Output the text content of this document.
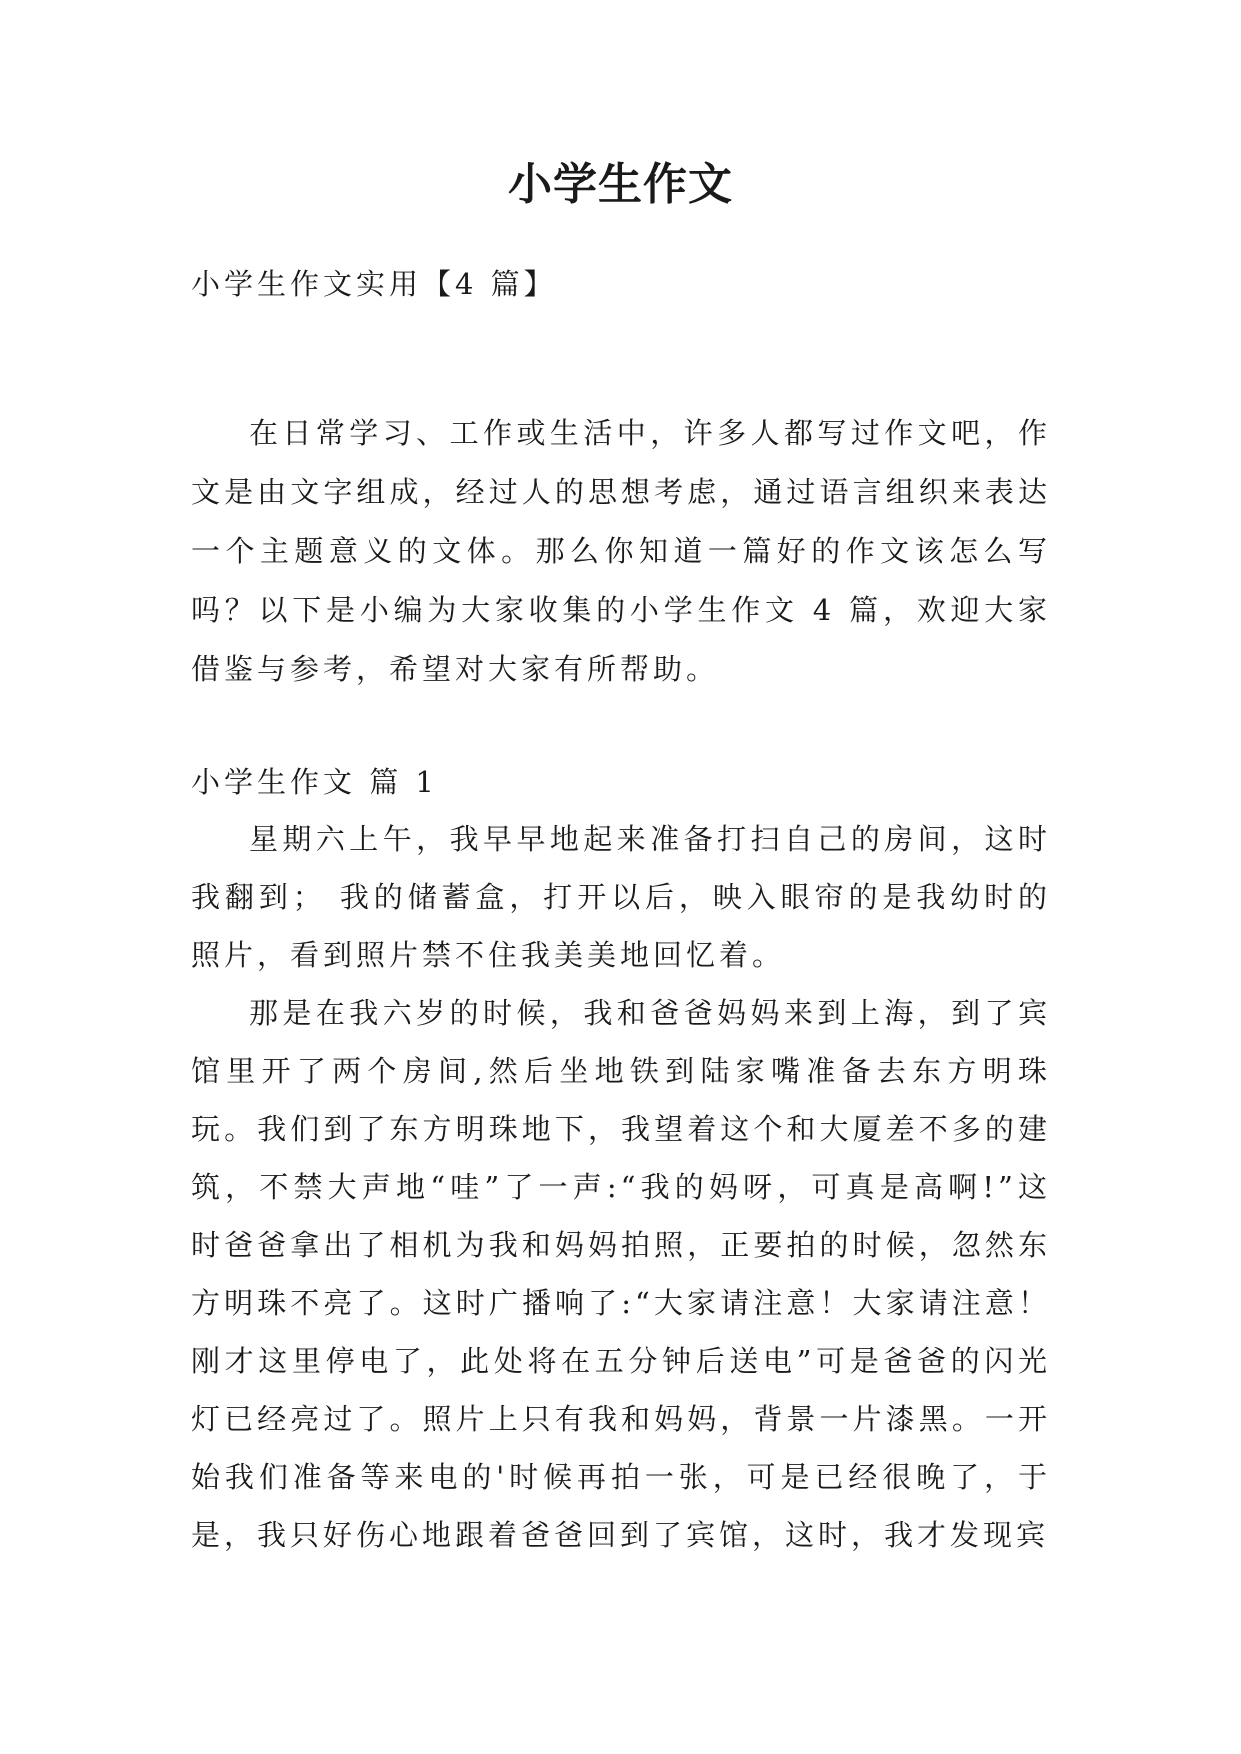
小学生作文
小学生作文实用【4 篇】

在日常学习、工作或生活中，许多人都写过作文吧，作文是由文字组成，经过人的思想考虑，通过语言组织来表达一个主题意义的文体。那么你知道一篇好的作文该怎么写吗？以下是小编为大家收集的小学生作文 4 篇，欢迎大家借鉴与参考，希望对大家有所帮助。

小学生作文 篇 1

星期六上午，我早早地起来准备打扫自己的房间，这时我翻到； 我的储蓄盒，打开以后，映入眼帘的是我幼时的照片，看到照片禁不住我美美地回忆着。

那是在我六岁的时候，我和爸爸妈妈来到上海，到了宾馆里开了两个房间,然后坐地铁到陆家嘴准备去东方明珠玩。我们到了东方明珠地下，我望着这个和大厦差不多的建筑，不禁大声地“哇”了一声:“我的妈呀，可真是高啊!”这时爸爸拿出了相机为我和妈妈拍照，正要拍的时候，忽然东方明珠不亮了。这时广播响了:“大家请注意！大家请注意！刚才这里停电了，此处将在五分钟后送电”可是爸爸的闪光灯已经亮过了。照片上只有我和妈妈，背景一片漆黑。一开始我们准备等来电的'时候再拍一张，可是已经很晚了，于是，我只好伤心地跟着爸爸回到了宾馆，这时，我才发现宾
